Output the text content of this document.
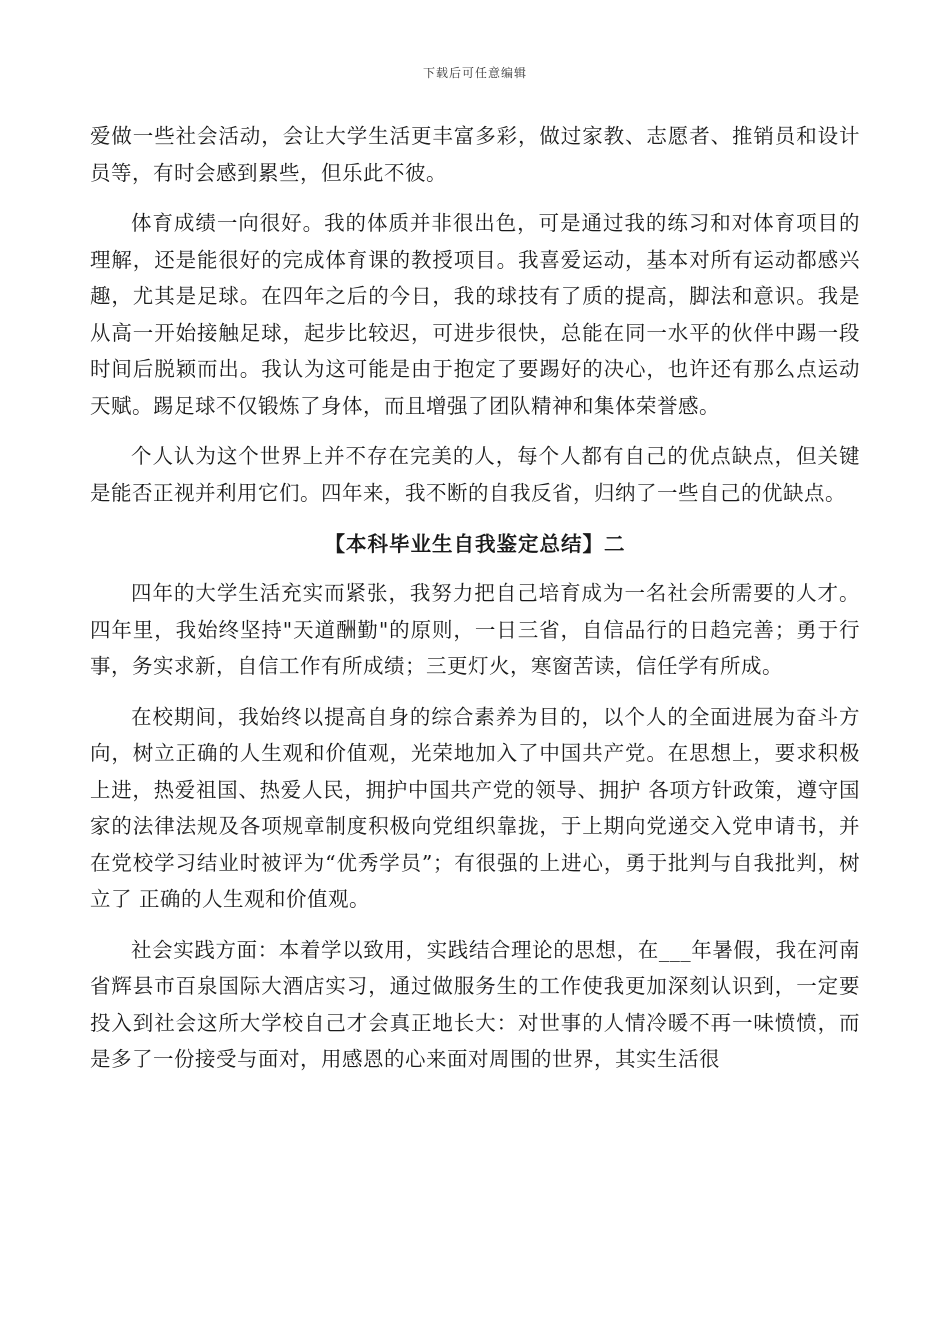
下载后可任意编辑

爱做一些社会活动，会让大学生活更丰富多彩，做过家教、志愿者、推销员和设计员等，有时会感到累些，但乐此不彼。

体育成绩一向很好。我的体质并非很出色，可是通过我的练习和对体育项目的理解，还是能很好的完成体育课的教授项目。我喜爱运动，基本对所有运动都感兴趣，尤其是足球。在四年之后的今日，我的球技有了质的提高，脚法和意识。我是从高一开始接触足球，起步比较迟，可进步很快，总能在同一水平的伙伴中踢一段时间后脱颖而出。我认为这可能是由于抱定了要踢好的决心，也许还有那么点运动天赋。踢足球不仅锻炼了身体，而且增强了团队精神和集体荣誉感。

个人认为这个世界上并不存在完美的人，每个人都有自己的优点缺点，但关键是能否正视并利用它们。四年来，我不断的自我反省，归纳了一些自己的优缺点。

【本科毕业生自我鉴定总结】二

四年的大学生活充实而紧张，我努力把自己培育成为一名社会所需要的人才。四年里，我始终坚持"天道酬勤"的原则，一日三省，自信品行的日趋完善；勇于行事，务实求新，自信工作有所成绩；三更灯火，寒窗苦读，信任学有所成。

在校期间，我始终以提高自身的综合素养为目的，以个人的全面进展为奋斗方向，树立正确的人生观和价值观，光荣地加入了中国共产党。在思想上，要求积极上进，热爱祖国、热爱人民，拥护中国共产党的领导、拥护 各项方针政策，遵守国家的法律法规及各项规章制度积极向党组织靠拢，于上期向党递交入党申请书，并在党校学习结业时被评为“优秀学员”；有很强的上进心，勇于批判与自我批判，树立了 正确的人生观和价值观。

社会实践方面：本着学以致用，实践结合理论的思想，在___年暑假，我在河南省辉县市百泉国际大酒店实习，通过做服务生的工作使我更加深刻认识到，一定要投入到社会这所大学校自己才会真正地长大：对世事的人情冷暖不再一味愤愤，而是多了一份接受与面对，用感恩的心来面对周围的世界，其实生活很
